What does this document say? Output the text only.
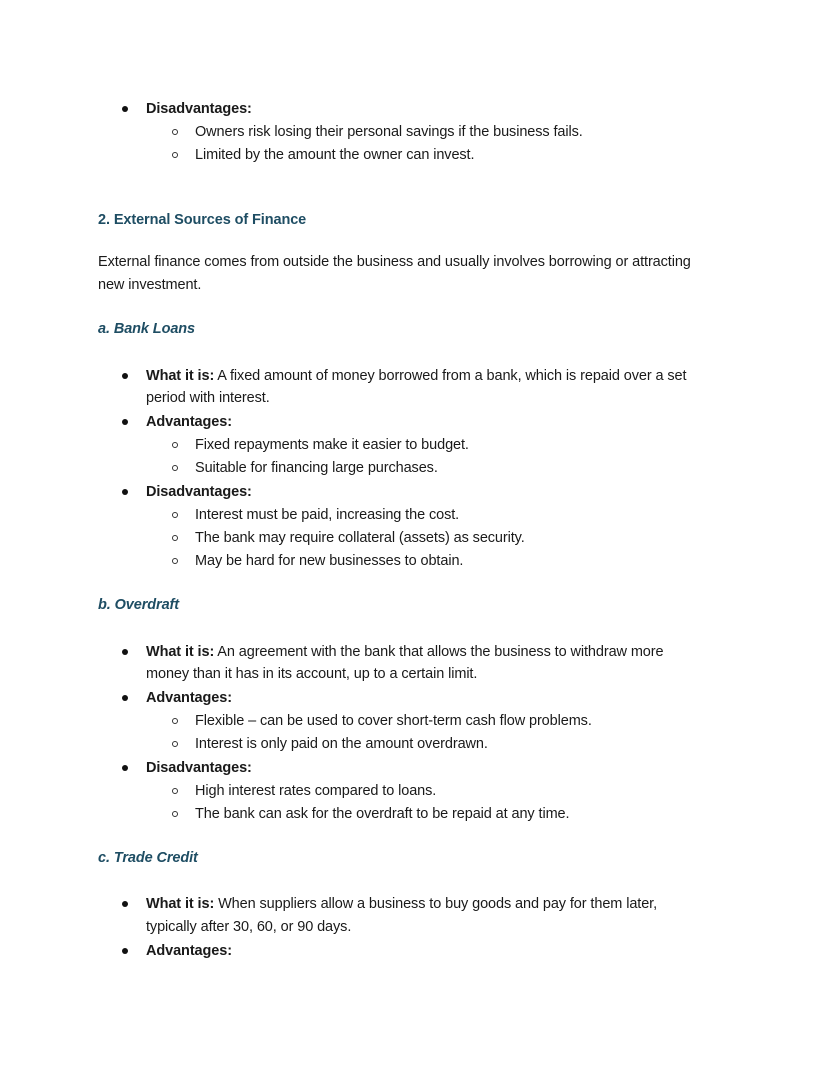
Disadvantages:
Owners risk losing their personal savings if the business fails.
Limited by the amount the owner can invest.
2. External Sources of Finance
External finance comes from outside the business and usually involves borrowing or attracting
new investment.
a. Bank Loans
What it is: A fixed amount of money borrowed from a bank, which is repaid over a set
period with interest.
Advantages:
Fixed repayments make it easier to budget.
Suitable for financing large purchases.
Disadvantages:
Interest must be paid, increasing the cost.
The bank may require collateral (assets) as security.
May be hard for new businesses to obtain.
b. Overdraft
What it is: An agreement with the bank that allows the business to withdraw more
money than it has in its account, up to a certain limit.
Advantages:
Flexible – can be used to cover short-term cash flow problems.
Interest is only paid on the amount overdrawn.
Disadvantages:
High interest rates compared to loans.
The bank can ask for the overdraft to be repaid at any time.
c. Trade Credit
What it is: When suppliers allow a business to buy goods and pay for them later,
typically after 30, 60, or 90 days.
Advantages:
